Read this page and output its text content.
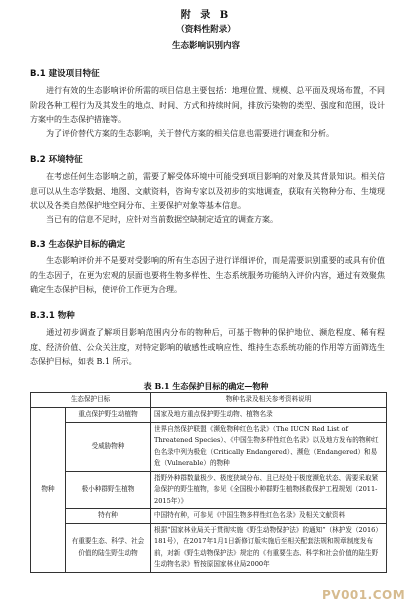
附 录 B
（资料性附录）
生态影响识别内容
B.1 建设项目特征
进行有效的生态影响评价所需的项目信息主要包括：地理位置、规模、总平面及现场布置，不同阶段各种工程行为及其发生的地点、时间、方式和持续时间，排放污染物的类型、强度和范围，设计方案中的生态保护措施等。
为了评价替代方案的生态影响，关于替代方案的相关信息也需要进行调查和分析。
B.2 环境特征
在考虑任何生态影响之前，需要了解受体环境中可能受到项目影响的对象及其背景知识。相关信息可以从生态学数据、地图、文献资料，咨询专家以及初步的实地调查，获取有关物种分布、生境现状以及各类自然保护地空间分布、主要保护对象等基本信息。
当已有的信息不足时，应针对当前数据空缺制定适宜的调查方案。
B.3 生态保护目标的确定
生态影响评价并不是要对受影响的所有生态因子进行详细评价，而是需要识别重要的或具有价值的生态因子，在更为宏观的层面也要将生物多样性、生态系统服务功能纳入评价内容，通过有效聚焦确定生态保护目标，使评价工作更为合理。
B.3.1 物种
通过初步调查了解项目影响范围内分布的物种后，可基于物种的保护地位、濒危程度、稀有程度、经济价值、公众关注度，对特定影响的敏感性或响应性、维持生态系统功能的作用等方面筛选生态保护目标，如表 B.1 所示。
表 B.1 生态保护目标的确定—物种
生态保护目标		物种名录及相关参考资料说明
物种	重点保护野生动植物	国家及地方重点保护野生动物、植物名录
	受威胁物种	世界自然保护联盟《濒危物种红色名录》（The IUCN Red List of Threatened Species）、《中国生物多样性红色名录》以及地方发布的物种红色名录中列为极危（Critically Endangered）、濒危（Endangered）和易危（Vulnerable）的物种
	极小种群野生植物	指野外种群数量极少、极度狭域分布、且已经处于极度濒危状态、需要采取紧急保护的野生植物，参见《全国极小种群野生植物拯救保护工程规划（2011-2015年）》
	特有种	中国特有种，可参见《中国生物多样性红色名录》及相关文献资料
	有重要生态、科学、社会价值的陆生野生动物	根据“国家林业局关于贯彻实施《野生动物保护法》的通知”（林护发（2016）181号），在2017年1月1日新修订版实施后至相关配套法规和规章制度发布前，对新《野生动物保护法》规定的《有重要生态、科学和社会价值的陆生野生动物名录》暂按原国家林业局2000年
PV001.COM
